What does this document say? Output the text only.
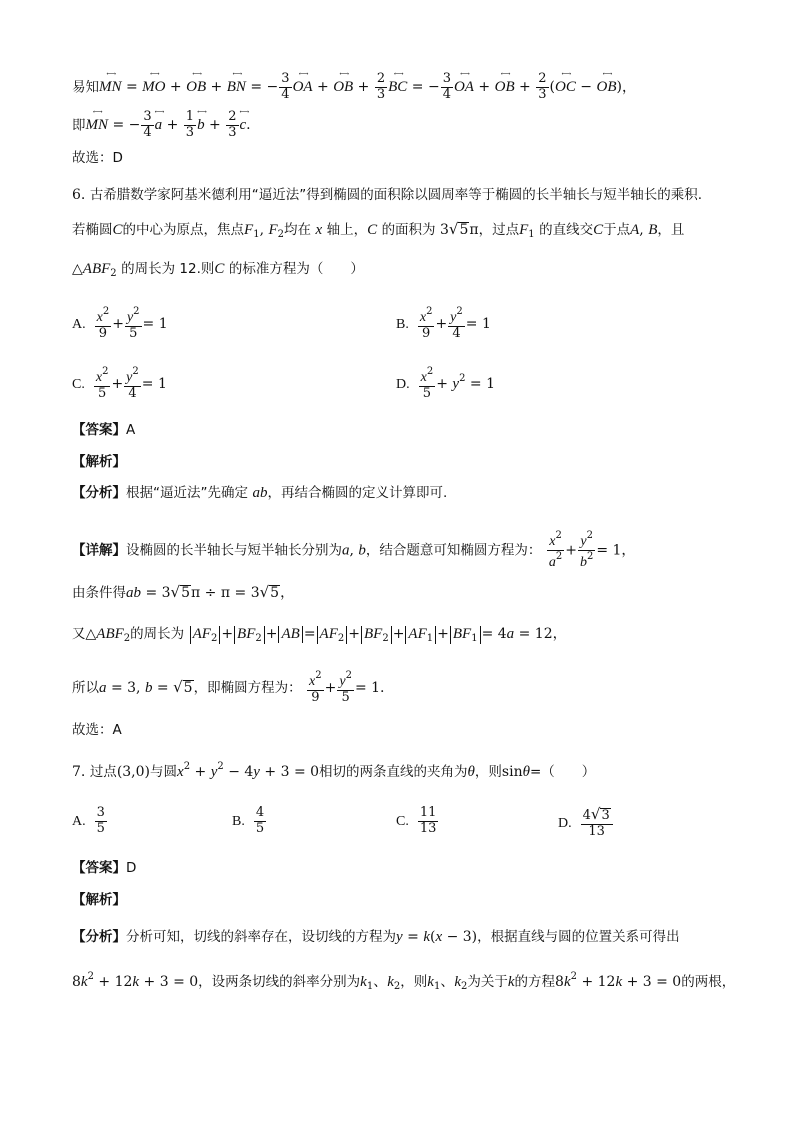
易知←→ MN = ←→ MO + ←→ OB + ←→ BN = − $\frac{3}{4}$ ←→ OA + ←→ OB + $\frac{2}{3}$ ←→ BC = − $\frac{3}{4}$ ←→ OA + ←→ OB + $\frac{2}{3}$ (←→ OC − ←→ OB)，
即←→ MN = − $\frac{3}{4}$ ←→ $a + \frac{1}{3}$ ←→ $b + \frac{2}{3}$ ←→ c.
故选：D
6. 古希腊数学家阿基米德利用“逼近法”得到椭圆的面积除以圆周率等于椭圆的长半轴长与短半轴长的乘积.
若椭圆C的中心为原点，焦点$F_1$, $F_2$均在 x 轴上，C 的面积为 3√5π，过点$F_1$ 的直线交C于点A, B，且
$\triangle ABF_2$ 的周长为 12.则C 的标准方程为（　　）
A. $\frac{x^2}{9} + \frac{y^2}{5} = 1$	B. $\frac{x^2}{9} + \frac{y^2}{4} = 1$
C. $\frac{x^2}{5} + \frac{y^2}{4} = 1$	D. $\frac{x^2}{5} + y^2 = 1$
【答案】A
【解析】
【分析】根据“逼近法”先确定 ab，再结合椭圆的定义计算即可.
【详解】设椭圆的长半轴长与短半轴长分别为a, b，结合题意可知椭圆方程为： $\frac{x^2}{a^2} + \frac{y^2}{b^2} = 1$，
由条件得ab = 3√5π ÷ π = 3√5，
又$\triangle ABF_2$的周长为 $AF_2 + BF_2$ + AB = $AF_2 + BF_2 + AF_1 + BF_1 = 4a = 12$，
所以a = 3, b = √5，即椭圆方程为： $\frac{x^2}{9} + \frac{y^2}{5} = 1$.
故选：A
7. 过点(3,0)与圆$x^2 + y^2 - 4y + 3 = 0$相切的两条直线的夹角为θ，则sinθ=（　　）
A. $\frac{3}{5}$	B. $\frac{4}{5}$	C. $\frac{11}{13}$	D. $\frac{4√3}{13}$
【答案】D
【解析】
【分析】分析可知，切线的斜率存在，设切线的方程为y = k(x − 3)，根据直线与圆的位置关系可得出
$8k^2 + 12k + 3 = 0$，设两条切线的斜率分别为$k_1$、$k_2$，则$k_1$、$k_2$为关于k的方程$8k^2 + 12k + 3 = 0$的两根，
